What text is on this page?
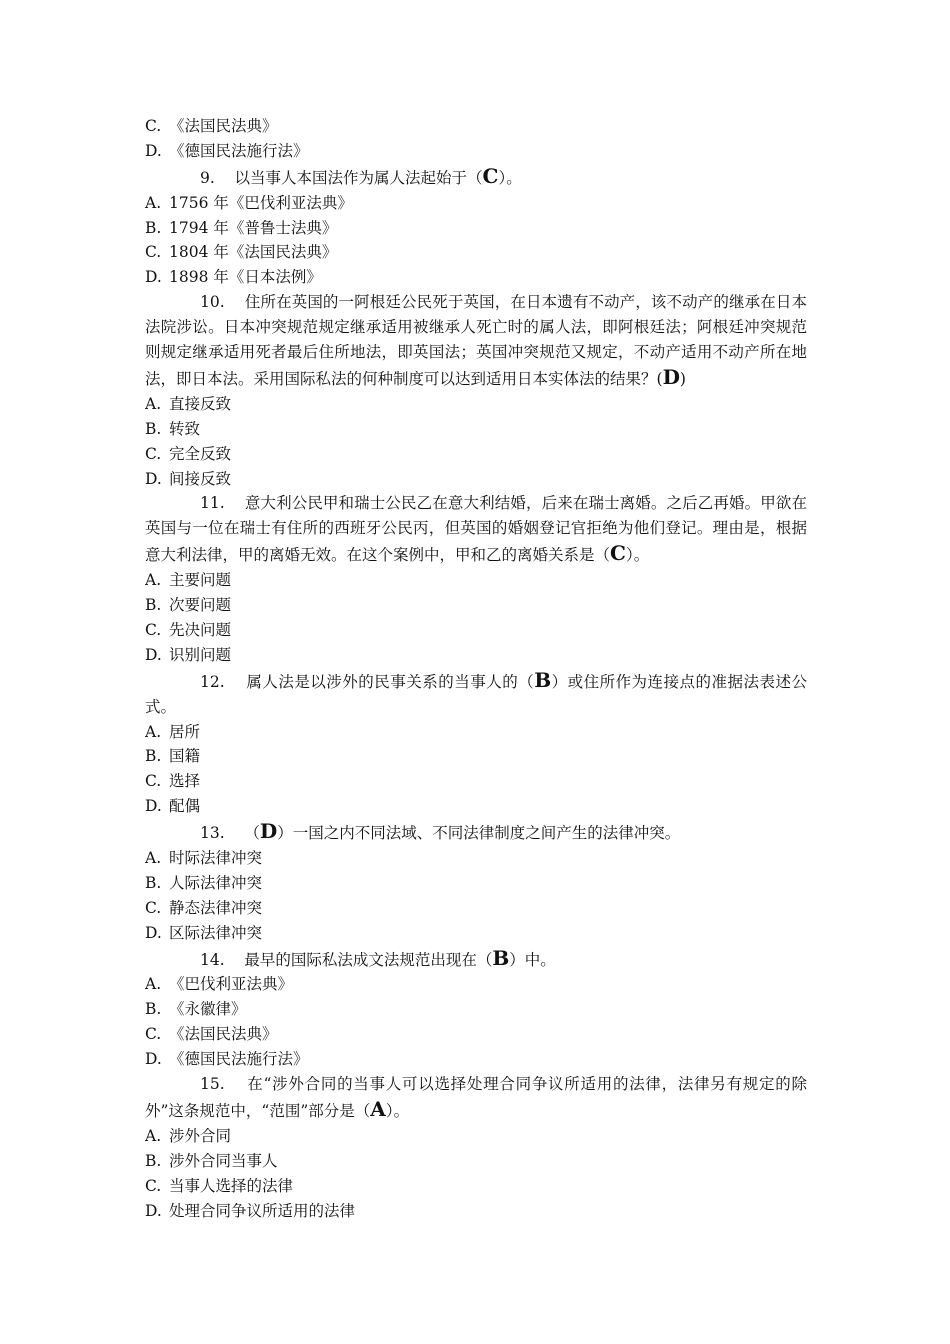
C. 《法国民法典》
D. 《德国民法施行法》
9. 以当事人本国法作为属人法起始于（C）。
A. 1756 年《巴伐利亚法典》
B. 1794 年《普鲁士法典》
C. 1804 年《法国民法典》
D. 1898 年《日本法例》
10. 住所在英国的一阿根廷公民死于英国，在日本遗有不动产，该不动产的继承在日本法院涉讼。日本冲突规范规定继承适用被继承人死亡时的属人法，即阿根廷法；阿根廷冲突规范则规定继承适用死者最后住所地法，即英国法；英国冲突规范又规定，不动产适用不动产所在地法，即日本法。采用国际私法的何种制度可以达到适用日本实体法的结果？(D)
A. 直接反致
B. 转致
C. 完全反致
D. 间接反致
11. 意大利公民甲和瑞士公民乙在意大利结婚，后来在瑞士离婚。之后乙再婚。甲欲在英国与一位在瑞士有住所的西班牙公民丙，但英国的婚姻登记官拒绝为他们登记。理由是，根据意大利法律，甲的离婚无效。在这个案例中，甲和乙的离婚关系是（C）。
A. 主要问题
B. 次要问题
C. 先决问题
D. 识别问题
12. 属人法是以涉外的民事关系的当事人的（B）或住所作为连接点的准据法表述公式。
A. 居所
B. 国籍
C. 选择
D. 配偶
13. （D）一国之内不同法域、不同法律制度之间产生的法律冲突。
A. 时际法律冲突
B. 人际法律冲突
C. 静态法律冲突
D. 区际法律冲突
14. 最早的国际私法成文法规范出现在（B）中。
A. 《巴伐利亚法典》
B. 《永徽律》
C. 《法国民法典》
D. 《德国民法施行法》
15. 在“涉外合同的当事人可以选择处理合同争议所适用的法律，法律另有规定的除外”这条规范中，“范围”部分是（A）。
A. 涉外合同
B. 涉外合同当事人
C. 当事人选择的法律
D. 处理合同争议所适用的法律
